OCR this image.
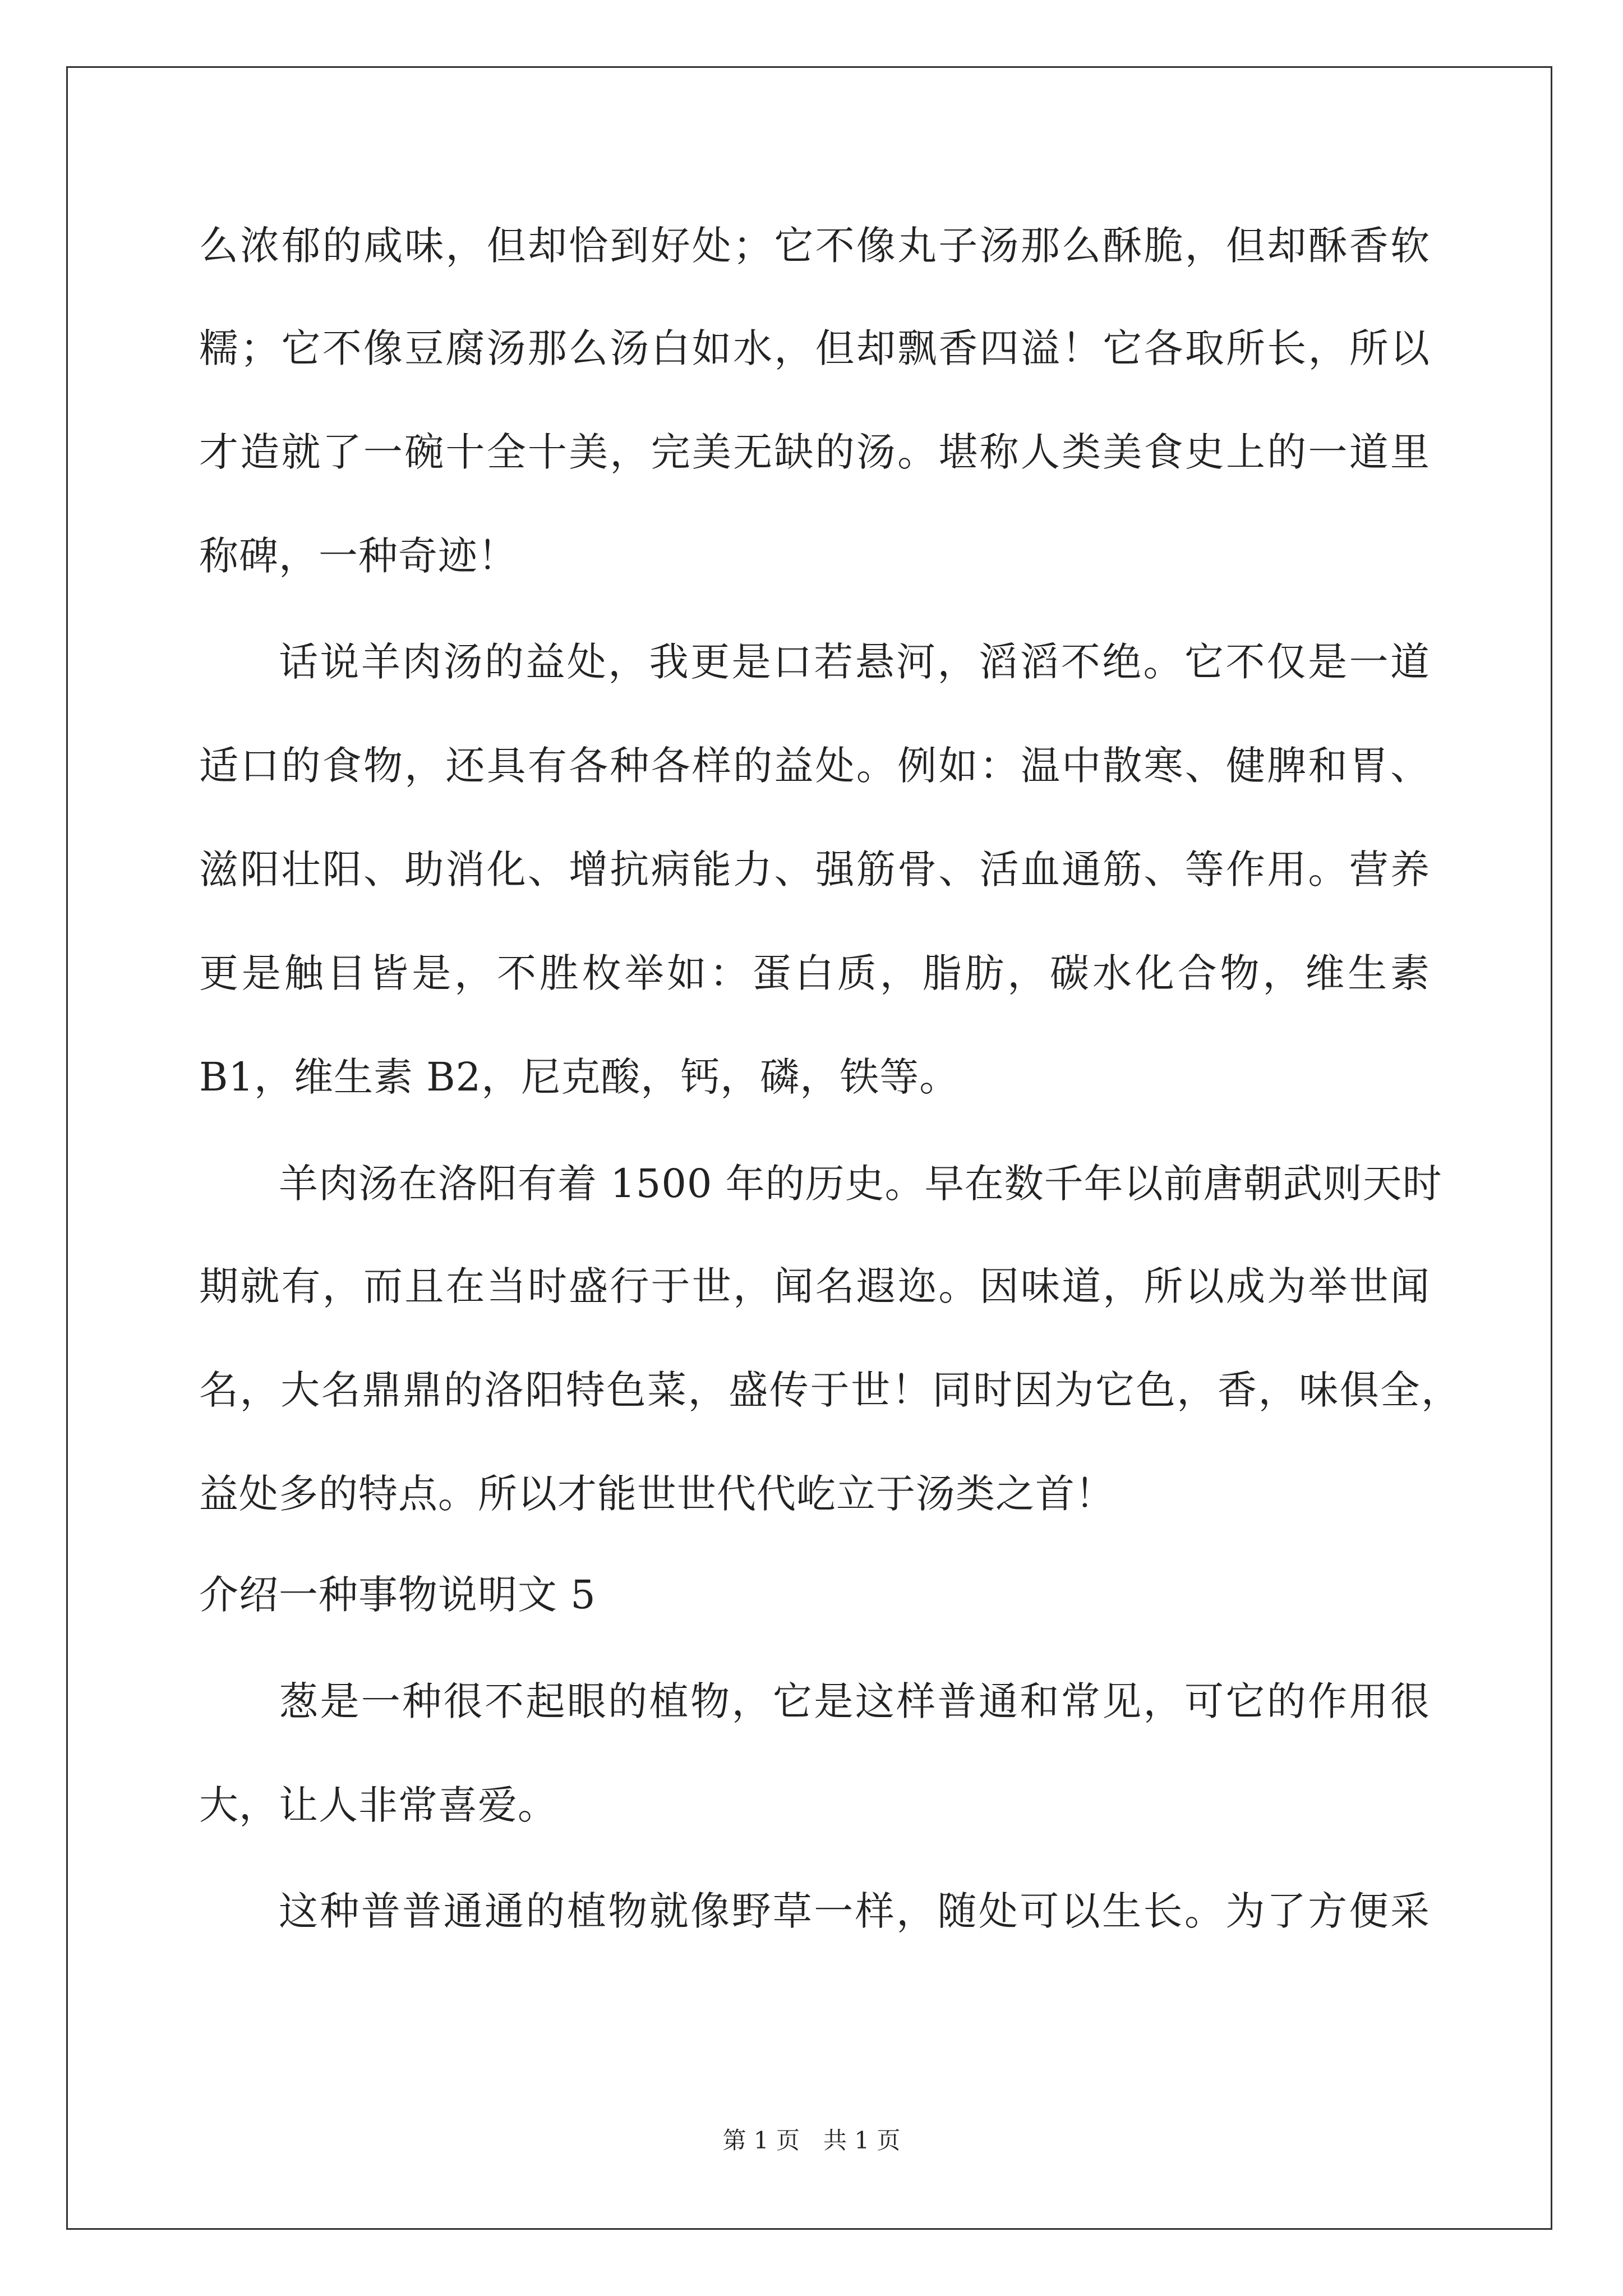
么浓郁的咸味，但却恰到好处；它不像丸子汤那么酥脆，但却酥香软
糯；它不像豆腐汤那么汤白如水，但却飘香四溢！它各取所长，所以
才造就了一碗十全十美，完美无缺的汤。堪称人类美食史上的一道里
称碑，一种奇迹！
话说羊肉汤的益处，我更是口若悬河，滔滔不绝。它不仅是一道
适口的食物，还具有各种各样的益处。例如：温中散寒、健脾和胃、
滋阳壮阳、助消化、增抗病能力、强筋骨、活血通筋、等作用。营养
更是触目皆是，不胜枚举如：蛋白质，脂肪，碳水化合物，维生素
B1，维生素 B2，尼克酸，钙，磷，铁等。
羊肉汤在洛阳有着 1500 年的历史。早在数千年以前唐朝武则天时
期就有，而且在当时盛行于世，闻名遐迩。因味道，所以成为举世闻
名，大名鼎鼎的洛阳特色菜，盛传于世！同时因为它色，香，味俱全，
益处多的特点。所以才能世世代代屹立于汤类之首！
介绍一种事物说明文 5
葱是一种很不起眼的植物，它是这样普通和常见，可它的作用很
大，让人非常喜爱。
这种普普通通的植物就像野草一样，随处可以生长。为了方便采
第 1 页　共 1 页
